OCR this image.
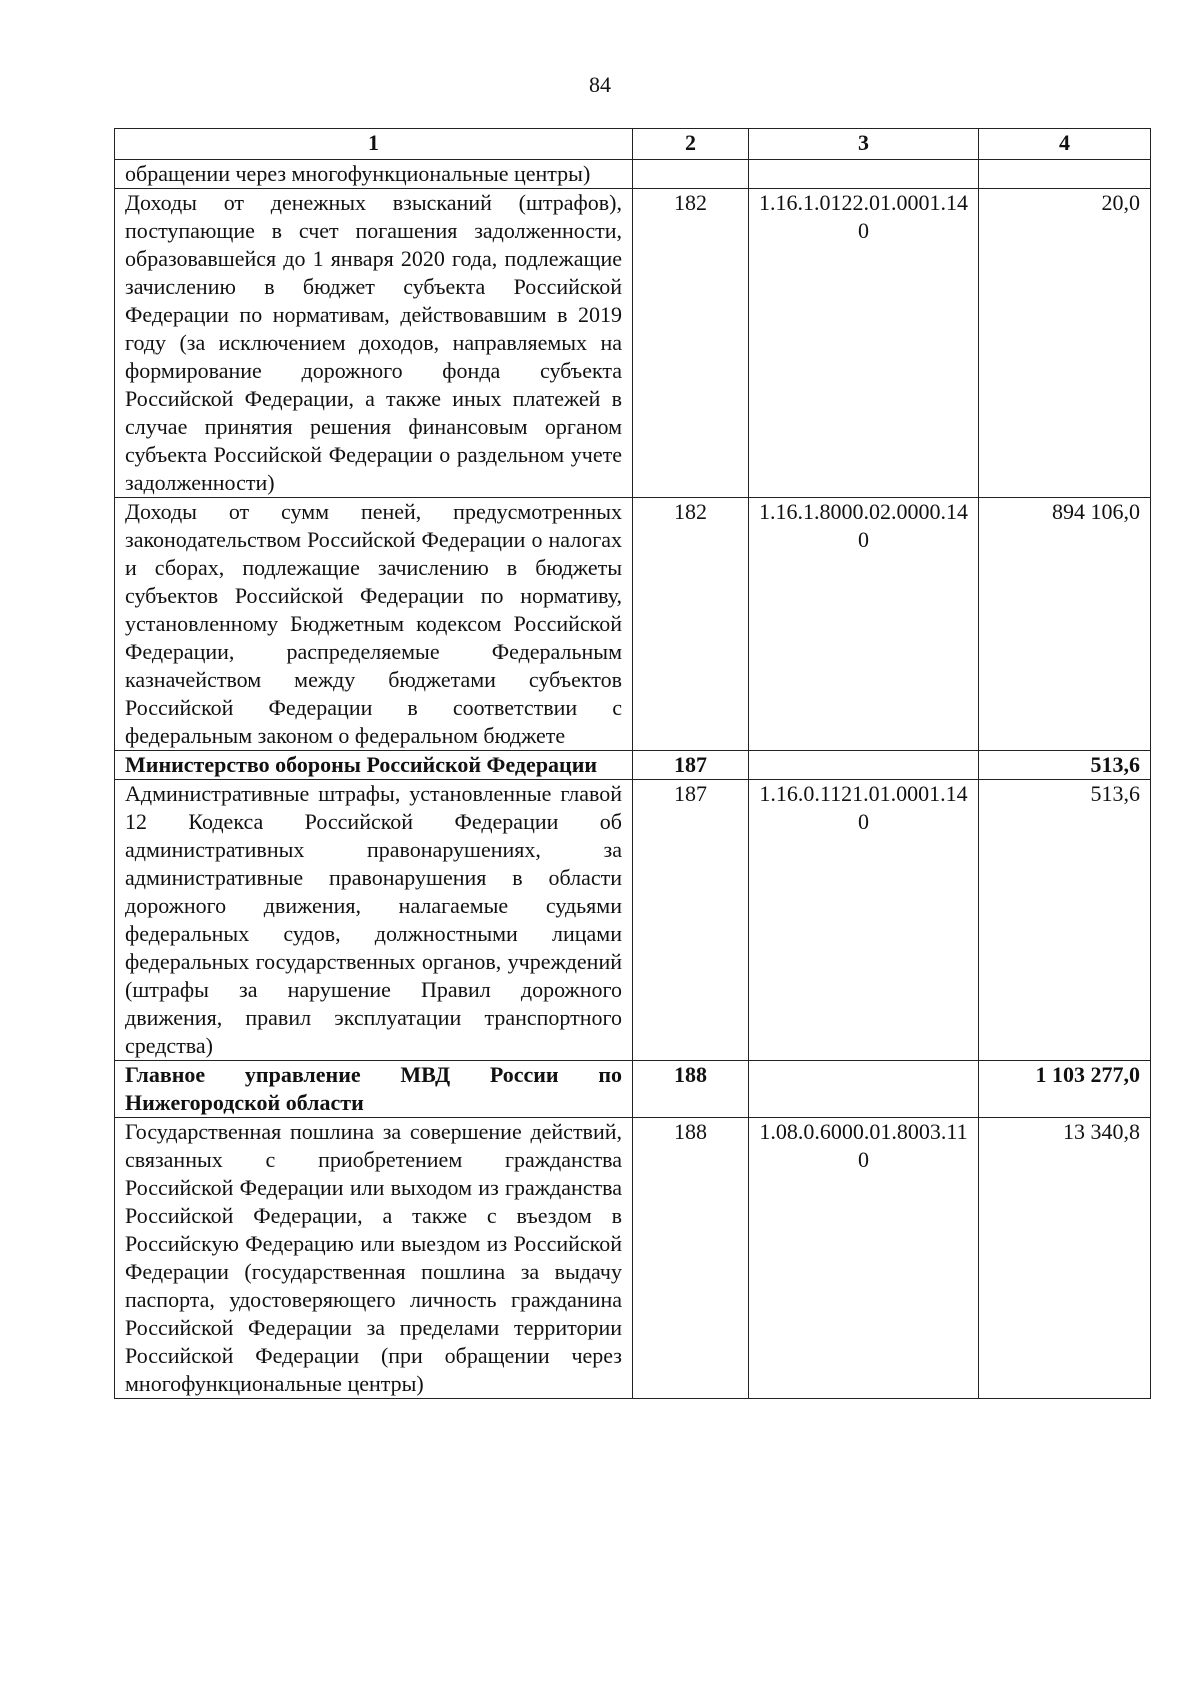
84
1	2	3	4
обращении через многофункциональные центры)			
Доходы от денежных взысканий (штрафов), поступающие в счет погашения задолженности, образовавшейся до 1 января 2020 года, подлежащие зачислению в бюджет субъекта Российской Федерации по нормативам, действовавшим в 2019 году (за исключением доходов, направляемых на формирование дорожного фонда субъекта Российской Федерации, а также иных платежей в случае принятия решения финансовым органом субъекта Российской Федерации о раздельном учете задолженности)	182	1.16.1.0122.01.0001.140	20,0
Доходы от сумм пеней, предусмотренных законодательством Российской Федерации о налогах и сборах, подлежащие зачислению в бюджеты субъектов Российской Федерации по нормативу, установленному Бюджетным кодексом Российской Федерации, распределяемые Федеральным казначейством между бюджетами субъектов Российской Федерации в соответствии с федеральным законом о федеральном бюджете	182	1.16.1.8000.02.0000.140	894 106,0
Министерство обороны Российской Федерации	187		513,6
Административные штрафы, установленные главой 12 Кодекса Российской Федерации об административных правонарушениях, за административные правонарушения в области дорожного движения, налагаемые судьями федеральных судов, должностными лицами федеральных государственных органов, учреждений (штрафы за нарушение Правил дорожного движения, правил эксплуатации транспортного средства)	187	1.16.0.1121.01.0001.140	513,6
Главное управление МВД России по Нижегородской области	188		1 103 277,0
Государственная пошлина за совершение действий, связанных с приобретением гражданства Российской Федерации или выходом из гражданства Российской Федерации, а также с въездом в Российскую Федерацию или выездом из Российской Федерации (государственная пошлина за выдачу паспорта, удостоверяющего личность гражданина Российской Федерации за пределами территории Российской Федерации (при обращении через многофункциональные центры)	188	1.08.0.6000.01.8003.110	13 340,8
